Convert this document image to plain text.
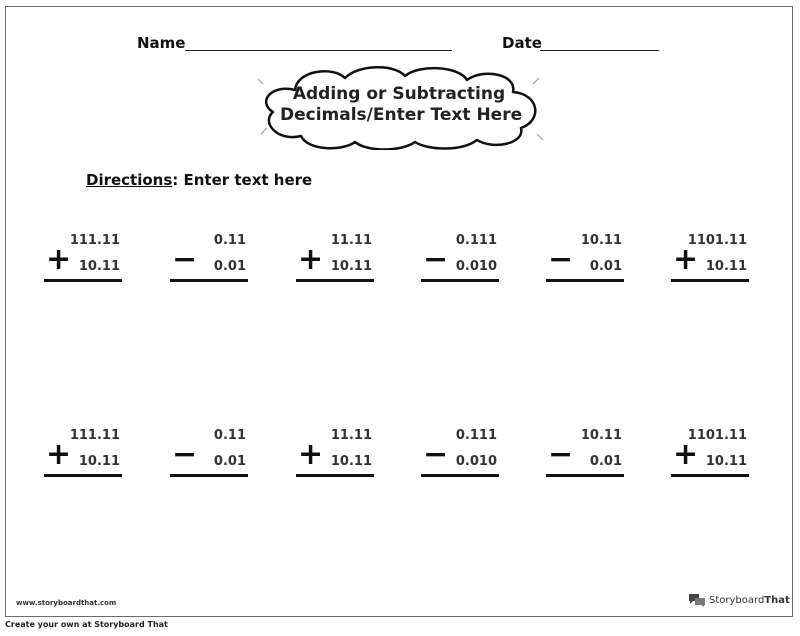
Name	Date
Adding or Subtracting
Decimals/Enter Text Here
Directions: Enter text here
111.11
+ 10.11
0.11
− 0.01
11.11
+ 10.11
0.111
− 0.010
10.11
− 0.01
1101.11
+ 10.11
111.11
+ 10.11
0.11
− 0.01
11.11
+ 10.11
0.111
− 0.010
10.11
− 0.01
1101.11
+ 10.11
www.storyboardthat.com	StoryboardThat
Create your own at Storyboard That
